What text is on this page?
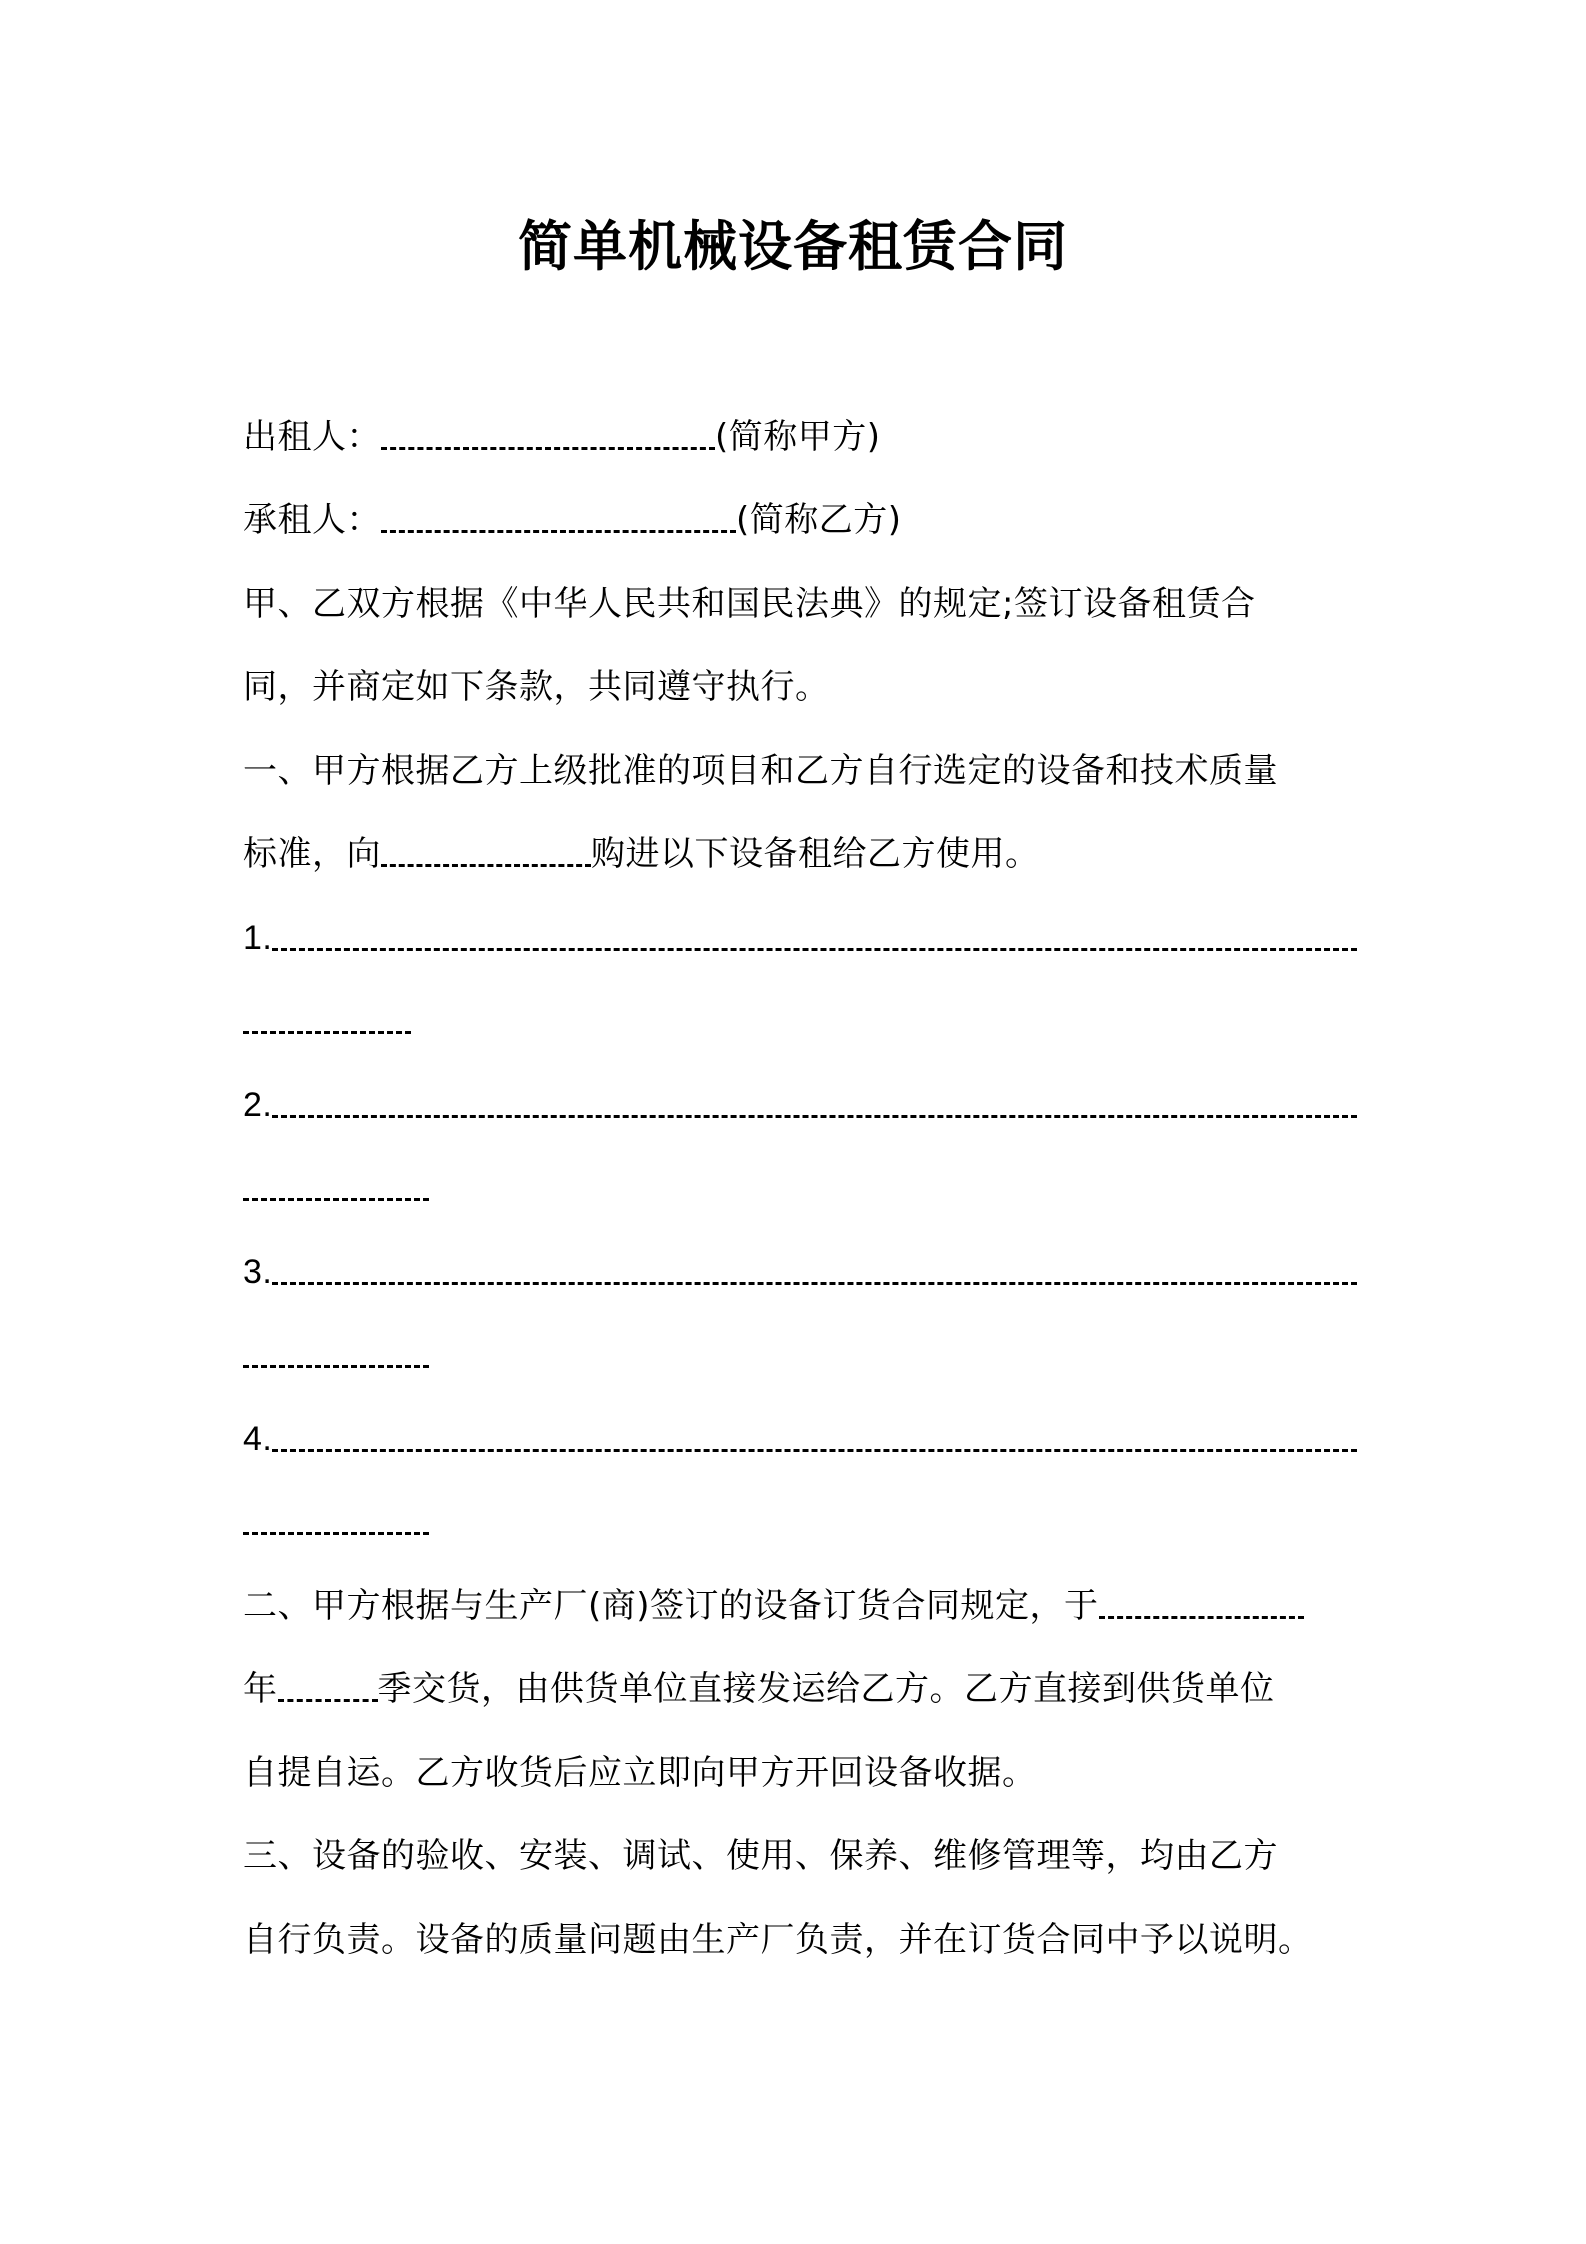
简单机械设备租赁合同
出租人：	(简称甲方)
承租人：	(简称乙方)
甲、乙双方根据《中华人民共和国民法典》的规定;签订设备租赁合
同，并商定如下条款，共同遵守执行。
一、甲方根据乙方上级批准的项目和乙方自行选定的设备和技术质量
标准，向	购进以下设备租给乙方使用。
1.
2.
3.
4.
二、甲方根据与生产厂(商)签订的设备订货合同规定，于
年	季交货，由供货单位直接发运给乙方。乙方直接到供货单位
自提自运。乙方收货后应立即向甲方开回设备收据。
三、设备的验收、安装、调试、使用、保养、维修管理等，均由乙方
自行负责。设备的质量问题由生产厂负责，并在订货合同中予以说明。
